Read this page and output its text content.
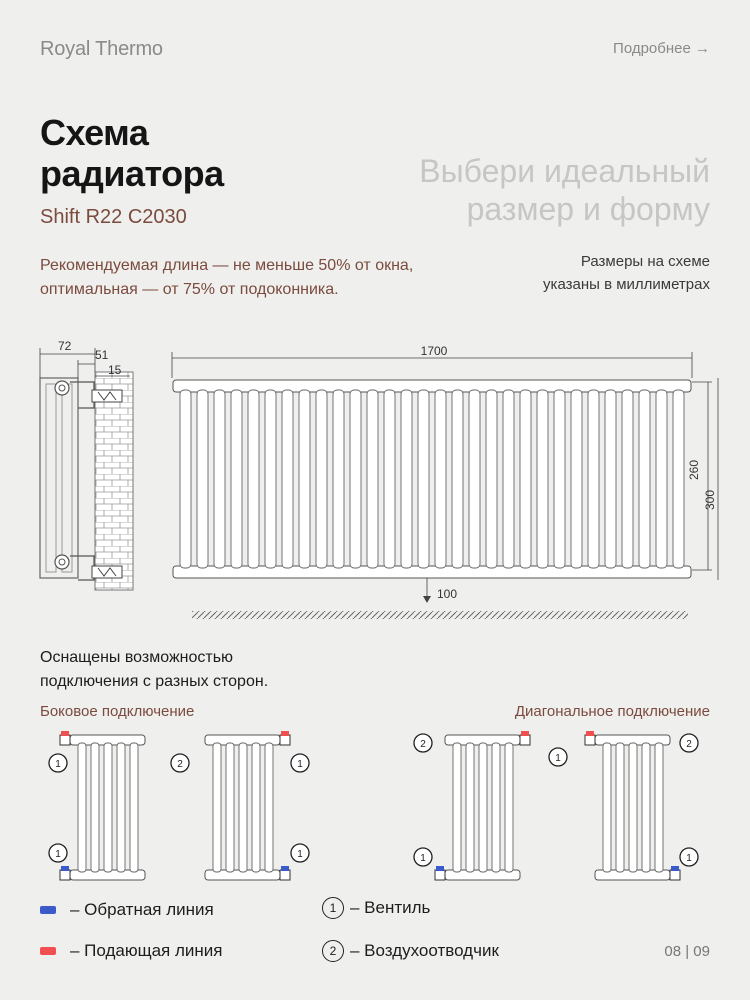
Royal Thermo	Подробнее →
Схема
радиатора
Shift R22 C2030
Выбери идеальный
размер и форму
Рекомендуемая длина — не меньше 50% от окна,
оптимальная — от 75% от подоконника.
Размеры на схеме
указаны в миллиметрах
72
51
15
1700
260
300
100
Оснащены возможностью
подключения с разных сторон.
Боковое подключение	Диагональное подключение
1
1
2	1
1
2
1
1
2
1
– Обратная линия
– Подающая линия
1 – Вентиль
2 – Воздухоотводчик	08 | 09
